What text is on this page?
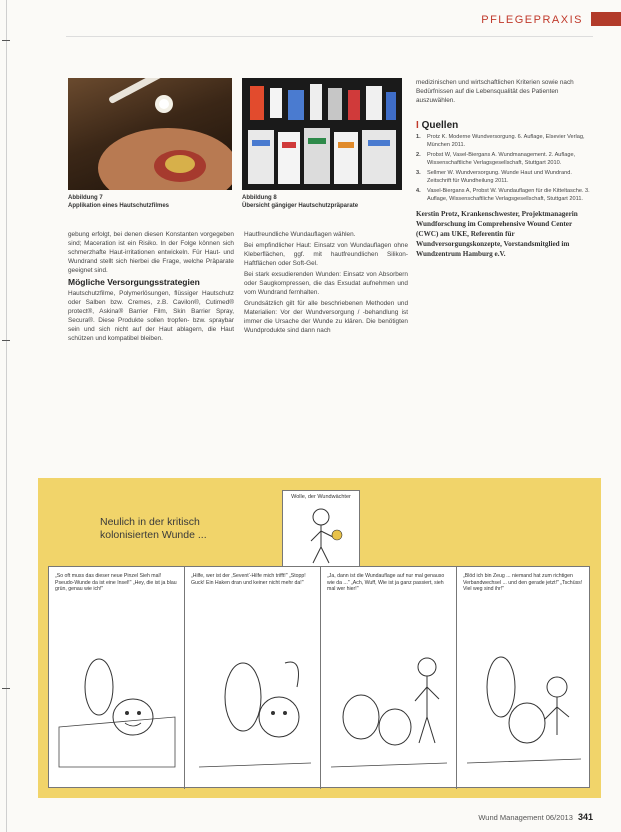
PFLEGEPRAXIS
Abbildung 7
Applikation eines Hautschutzfilmes
Abbildung 8
Übersicht gängiger Hautschutzpräparate

gebung erfolgt, bei denen diesen Konstanten vorgegeben sind; Maceration ist ein Risiko. In der Folge können sich schmerzhafte Haut-irritationen entwickeln. Für Haut- und Wundrand stellt sich hierbei die Frage, welche Präparate geeignet sind.

Mögliche Versorgungsstrategien

Hautschutzfilme, Polymerlösungen, flüssiger Hautschutz oder Salben bzw. Cremes, z.B. Cavilon®, Cutimed® protect®, Askina® Barrier Film, Skin Barrier Spray, Secura®. Diese Produkte sollen tropfen- bzw. spraybar sein und sich nicht auf der Haut ablagern, die Haut schützen und kompatibel bleiben.

Hautfreundliche Wundauflagen wählen.

Bei empfindlicher Haut: Einsatz von Wundauflagen ohne Kleberflächen, ggf. mit hautfreundlichen Silikon-Haftflächen oder Soft-Gel.

Bei stark exsudierenden Wunden: Einsatz von Absorbern oder Saugkompressen, die das Exsudat aufnehmen und vom Wundrand fernhalten.

Grundsätzlich gilt für alle beschriebenen Methoden und Materialien: Vor der Wundversorgung / -behandlung ist immer die Ursache der Wunde zu klären. Die benötigten Wundprodukte sind dann nach

medizinischen und wirtschaftlichen Kriterien sowie nach Bedürfnissen auf die Lebensqualität des Patienten auszuwählen.

I Quellen
1.	Protz K. Moderne Wundversorgung. 6. Auflage, Elsevier Verlag, München 2011.
2.	Probst W, Vasel-Biergans A. Wundmanagement. 2. Auflage, Wissenschaftliche Verlagsgesellschaft, Stuttgart 2010.
3.	Sellmer W. Wundversorgung. Wunde Haut und Wundrand. Zeitschrift für Wundheilung 2011.
4.	Vasel-Biergans A, Probst W. Wundauflagen für die Kitteltasche. 3. Auflage, Wissenschaftliche Verlagsgesellschaft, Stuttgart 2011.
Kerstin Protz, Krankenschwester, Projektmanagerin Wundforschung im Comprehensive Wound Center (CWC) am UKE, Referentin für Wundversorgungskonzepte, Vorstandsmitglied im Wundzentrum Hamburg e.V.
Neulich in der kritisch
kolonisierten Wunde ...
Wolle, der Wundwächter
„So oft muss das dieser neue Pinzel Sieh mal! Pseudo-Wunde da ist eine Insel!" „Hey, die ist ja blau grün, genau wie ich!"
„Hilfe, wer ist der ‚Sevent‘-Hilfe mich trifft!" „Stopp! Guck! Ein Haken dran und keiner nicht mehr da!"
„Ja, dann ist die Wundauflage auf nur mal genauso wie da ..." „Ach, Wuff, Wie ist ja ganz passiert, sieh mal wer hier!"
„Blöd ich bin Zeug ... niemand hat zum richtigen Verbandwechsel ... und den gerade jetzt!" „Tschüss! Viel weg sind ihr!"
Wund Management 06/2013 341
